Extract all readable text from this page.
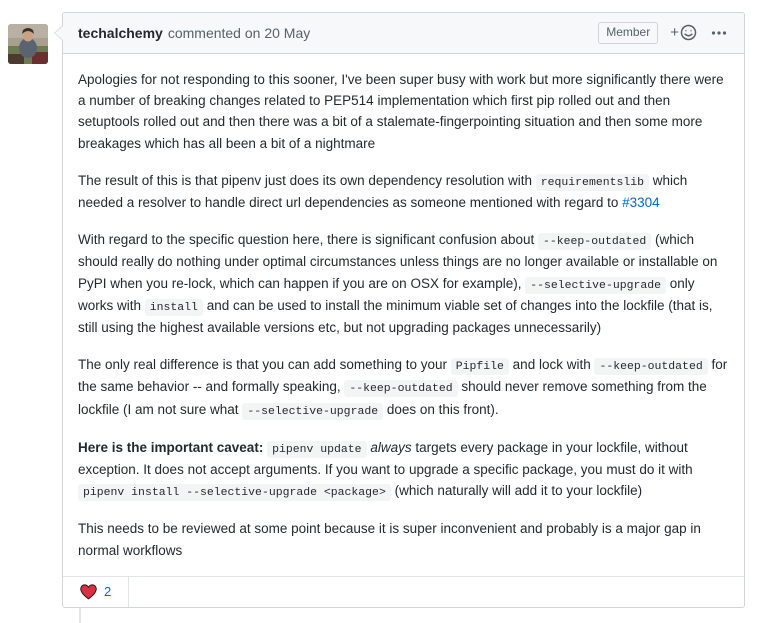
techalchemy commented on 20 May	Member	+

Apologies for not responding to this sooner, I've been super busy with work but more significantly there were a number of breaking changes related to PEP514 implementation which first pip rolled out and then setuptools rolled out and then there was a bit of a stalemate-fingerpointing situation and then some more breakages which has all been a bit of a nightmare

The result of this is that pipenv just does its own dependency resolution with requirementslib which needed a resolver to handle direct url dependencies as someone mentioned with regard to #3304

With regard to the specific question here, there is significant confusion about --keep-outdated (which should really do nothing under optimal circumstances unless things are no longer available or installable on PyPI when you re-lock, which can happen if you are on OSX for example), --selective-upgrade only works with install and can be used to install the minimum viable set of changes into the lockfile (that is, still using the highest available versions etc, but not upgrading packages unnecessarily)

The only real difference is that you can add something to your Pipfile and lock with --keep-outdated for the same behavior -- and formally speaking, --keep-outdated should never remove something from the lockfile (I am not sure what --selective-upgrade does on this front).

Here is the important caveat: pipenv update always targets every package in your lockfile, without exception. It does not accept arguments. If you want to upgrade a specific package, you must do it with pipenv install --selective-upgrade <package> (which naturally will add it to your lockfile)

This needs to be reviewed at some point because it is super inconvenient and probably is a major gap in normal workflows

2
